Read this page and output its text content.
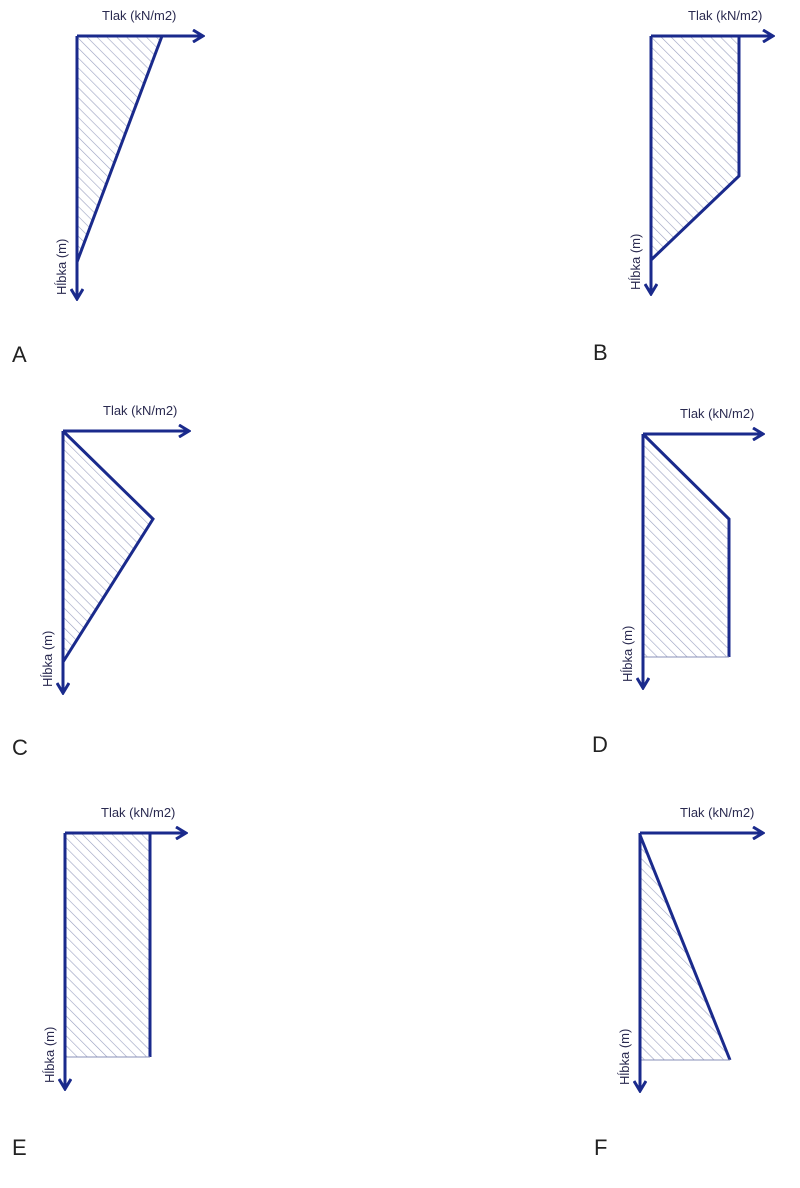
Tlak (kN/m2)
Hĺbka (m)
A
Tlak (kN/m2)
Hĺbka (m)
B
Tlak (kN/m2)
Hĺbka (m)
C
Tlak (kN/m2)
Hĺbka (m)
D
Tlak (kN/m2)
Hĺbka (m)
E
Tlak (kN/m2)
Hĺbka (m)
F
